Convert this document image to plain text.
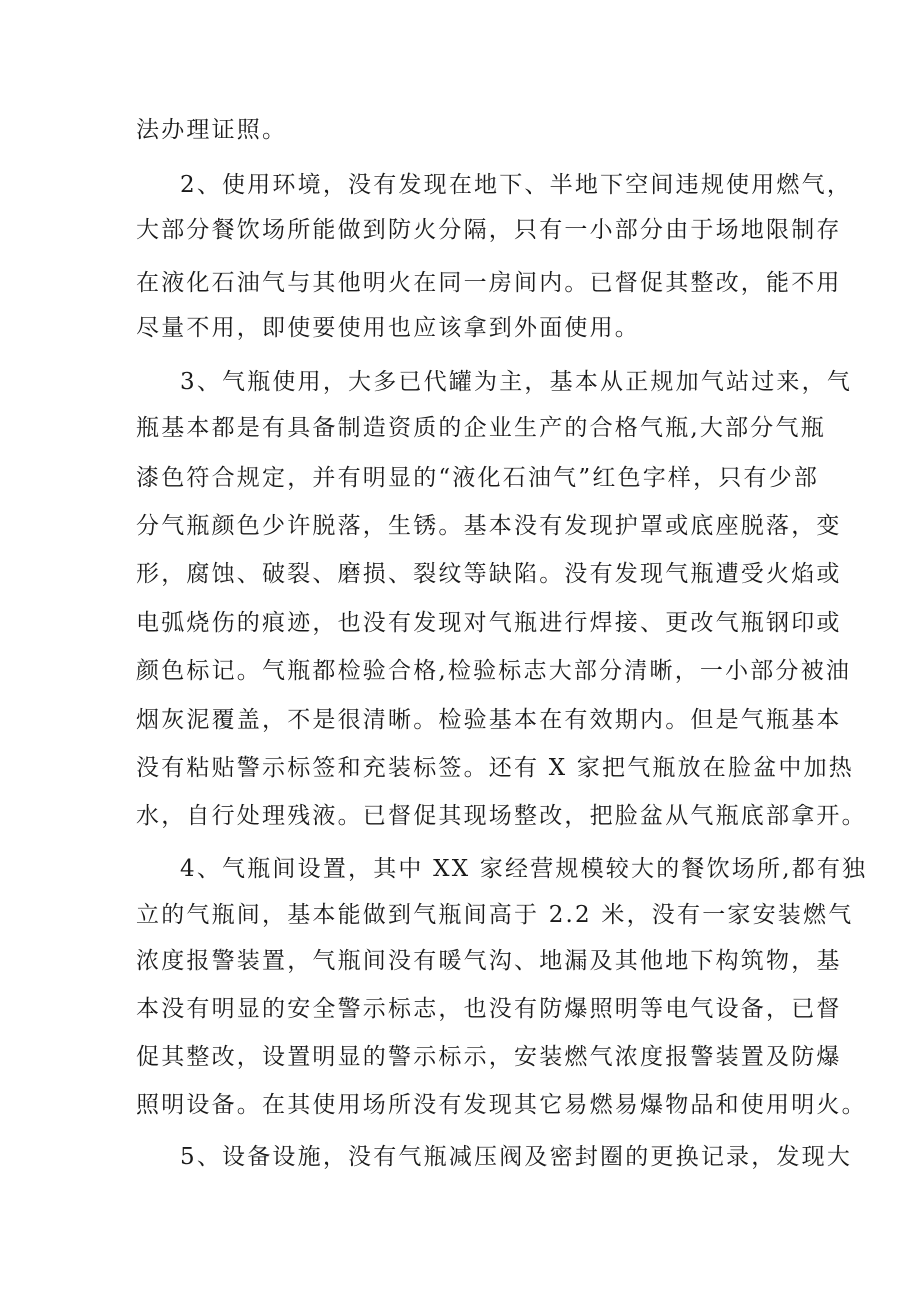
法办理证照。
2、使用环境，没有发现在地下、半地下空间违规使用燃气，
大部分餐饮场所能做到防火分隔，只有一小部分由于场地限制存
在液化石油气与其他明火在同一房间内。已督促其整改，能不用
尽量不用，即使要使用也应该拿到外面使用。
3、气瓶使用，大多已代罐为主，基本从正规加气站过来，气
瓶基本都是有具备制造资质的企业生产的合格气瓶,大部分气瓶
漆色符合规定，并有明显的“液化石油气”红色字样，只有少部
分气瓶颜色少许脱落，生锈。基本没有发现护罩或底座脱落，变
形，腐蚀、破裂、磨损、裂纹等缺陷。没有发现气瓶遭受火焰或
电弧烧伤的痕迹，也没有发现对气瓶进行焊接、更改气瓶钢印或
颜色标记。气瓶都检验合格,检验标志大部分清晰，一小部分被油
烟灰泥覆盖，不是很清晰。检验基本在有效期内。但是气瓶基本
没有粘贴警示标签和充装标签。还有 X 家把气瓶放在脸盆中加热
水，自行处理残液。已督促其现场整改，把脸盆从气瓶底部拿开。
4、气瓶间设置，其中 XX 家经营规模较大的餐饮场所,都有独
立的气瓶间，基本能做到气瓶间高于 2.2 米，没有一家安装燃气
浓度报警装置，气瓶间没有暖气沟、地漏及其他地下构筑物，基
本没有明显的安全警示标志，也没有防爆照明等电气设备，已督
促其整改，设置明显的警示标示，安装燃气浓度报警装置及防爆
照明设备。在其使用场所没有发现其它易燃易爆物品和使用明火。
5、设备设施，没有气瓶减压阀及密封圈的更换记录，发现大
